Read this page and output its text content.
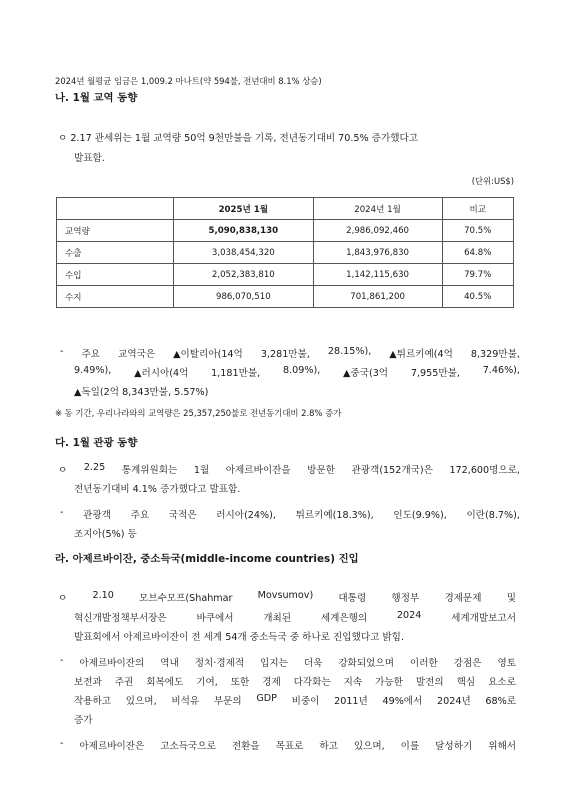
2024년 월평균 임금은 1,009.2 마나트(약 594불, 전년대비 8.1% 상승)
나. 1월 교역 동향
ㅇ 2.17 관세위는 1월 교역량 50억 9천만불을 기록, 전년동기대비 70.5% 증가했다고
발표함.
(단위:US$)
	2025년 1월	2024년 1월	비교
교역량	5,090,838,130	2,986,092,460	70.5%
수출	3,038,454,320	1,843,976,830	64.8%
수입	2,052,383,810	1,142,115,630	79.7%
수지	986,070,510	701,861,200	40.5%
- 주요 교역국은 ▲이탈리아(14억 3,281만불, 28.15%), ▲튀르키예(4억 8,329만불,
9.49%), ▲러시아(4억 1,181만불, 8.09%), ▲중국(3억 7,955만불, 7.46%),
▲독일(2억 8,343만불, 5.57%)
※ 동 기간, 우리나라와의 교역량은 25,357,250불로 전년동기대비 2.8% 증가
다. 1월 관광 동향
ㅇ 2.25 통계위원회는 1월 아제르바이잔을 방문한 관광객(152개국)은 172,600명으로,
전년동기대비 4.1% 증가했다고 발표함.
- 관광객 주요 국적은 러시아(24%), 튀르키예(18.3%), 인도(9.9%), 이란(8.7%),
조지아(5%) 등
라. 아제르바이잔, 중소득국(middle-income countries) 진입
ㅇ	2.10	모브수모프(Shahmar	Movsumov)	대통령	행정부	경제문제	및
혁신개발정책부서장은	바쿠에서	개최된	세계은행의	2024	세계개발보고서
발표회에서 아제르바이잔이 전 세계 54개 중소득국 중 하나로 진입했다고 밝힘.
- 아제르바이잔의 역내 정치·경제적 입지는 더욱 강화되었으며 이러한 강점은 영토
보전과 주권 회복에도 기여, 또한 경제 다각화는 지속 가능한 발전의 핵심 요소로
작용하고 있으며, 비석유 부문의 GDP 비중이 2011년 49%에서 2024년 68%로
증가
- 아제르바이잔은 고소득국으로 전환을 목표로 하고 있으며, 이를 달성하기 위해서
